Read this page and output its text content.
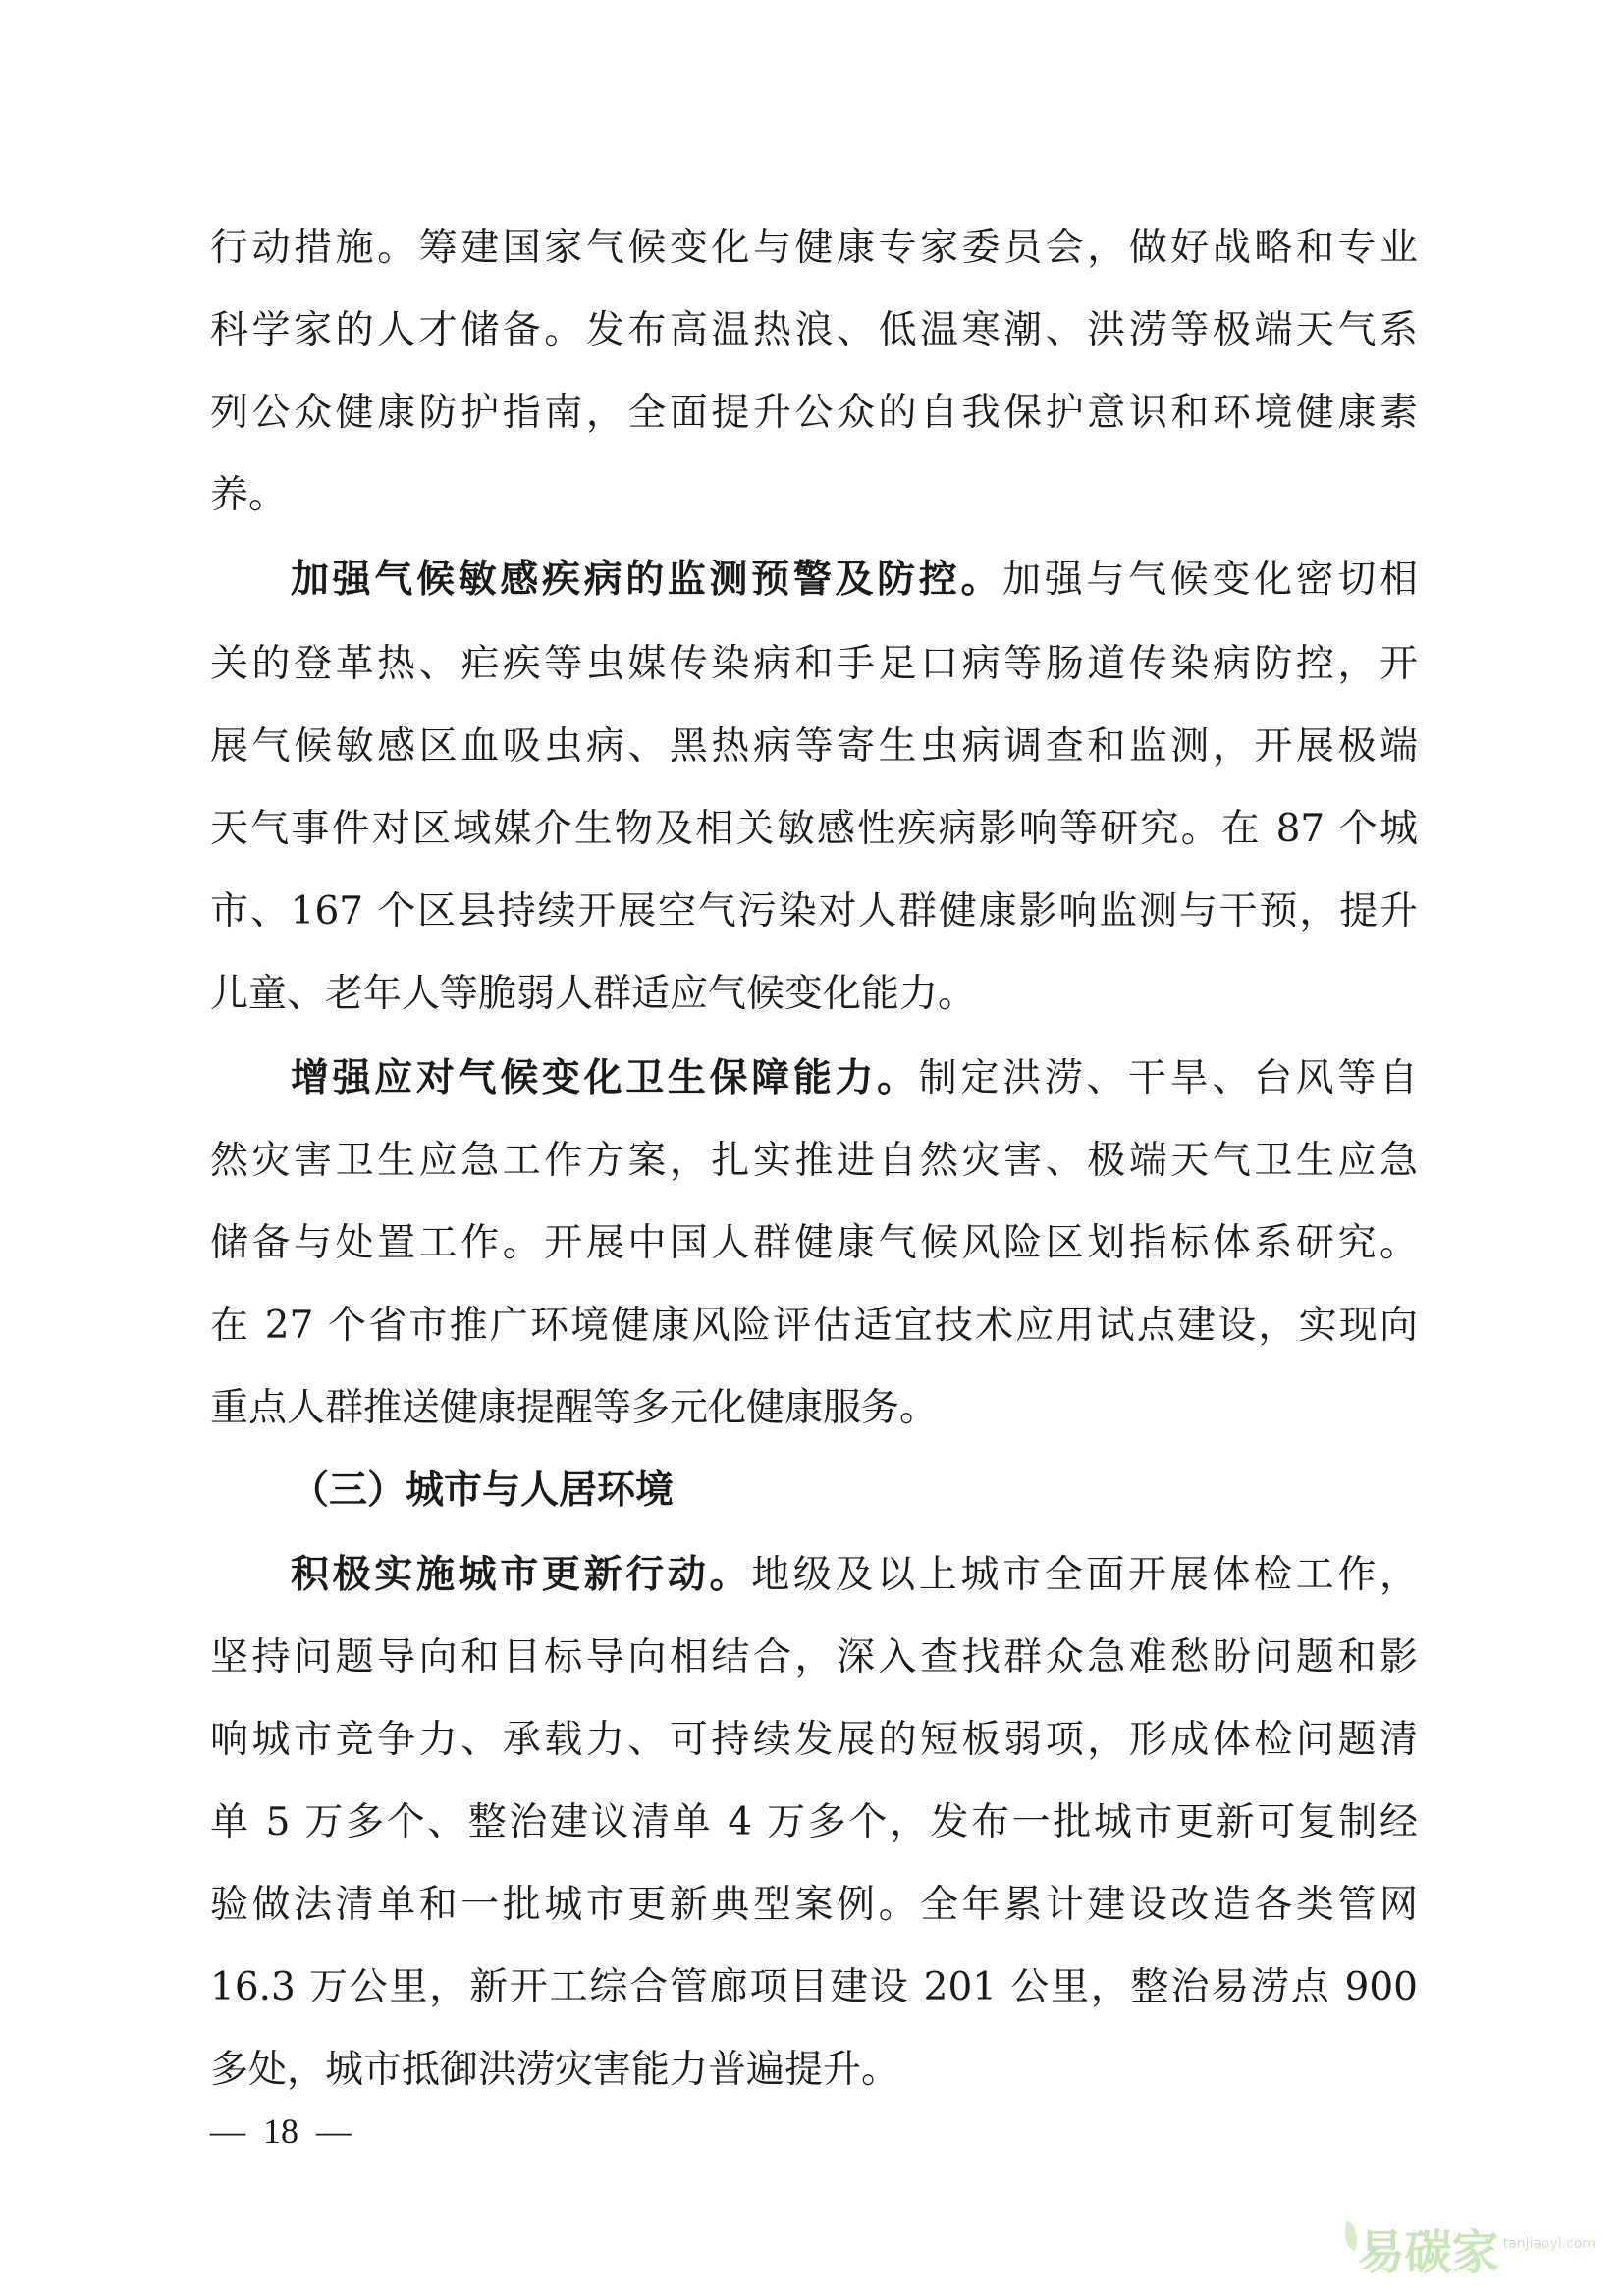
行动措施。筹建国家气候变化与健康专家委员会，做好战略和专业
科学家的人才储备。发布高温热浪、低温寒潮、洪涝等极端天气系
列公众健康防护指南，全面提升公众的自我保护意识和环境健康素
养。
加强气候敏感疾病的监测预警及防控。加强与气候变化密切相
关的登革热、疟疾等虫媒传染病和手足口病等肠道传染病防控，开
展气候敏感区血吸虫病、黑热病等寄生虫病调查和监测，开展极端
天气事件对区域媒介生物及相关敏感性疾病影响等研究。在 87 个城
市、167 个区县持续开展空气污染对人群健康影响监测与干预，提升
儿童、老年人等脆弱人群适应气候变化能力。
增强应对气候变化卫生保障能力。制定洪涝、干旱、台风等自
然灾害卫生应急工作方案，扎实推进自然灾害、极端天气卫生应急
储备与处置工作。开展中国人群健康气候风险区划指标体系研究。
在 27 个省市推广环境健康风险评估适宜技术应用试点建设，实现向
重点人群推送健康提醒等多元化健康服务。
（三）城市与人居环境
积极实施城市更新行动。地级及以上城市全面开展体检工作，
坚持问题导向和目标导向相结合，深入查找群众急难愁盼问题和影
响城市竞争力、承载力、可持续发展的短板弱项，形成体检问题清
单 5 万多个、整治建议清单 4 万多个，发布一批城市更新可复制经
验做法清单和一批城市更新典型案例。全年累计建设改造各类管网
16.3 万公里，新开工综合管廊项目建设 201 公里，整治易涝点 900
多处，城市抵御洪涝灾害能力普遍提升。
—  18  —
易碳家 tanjiaoyi.com
